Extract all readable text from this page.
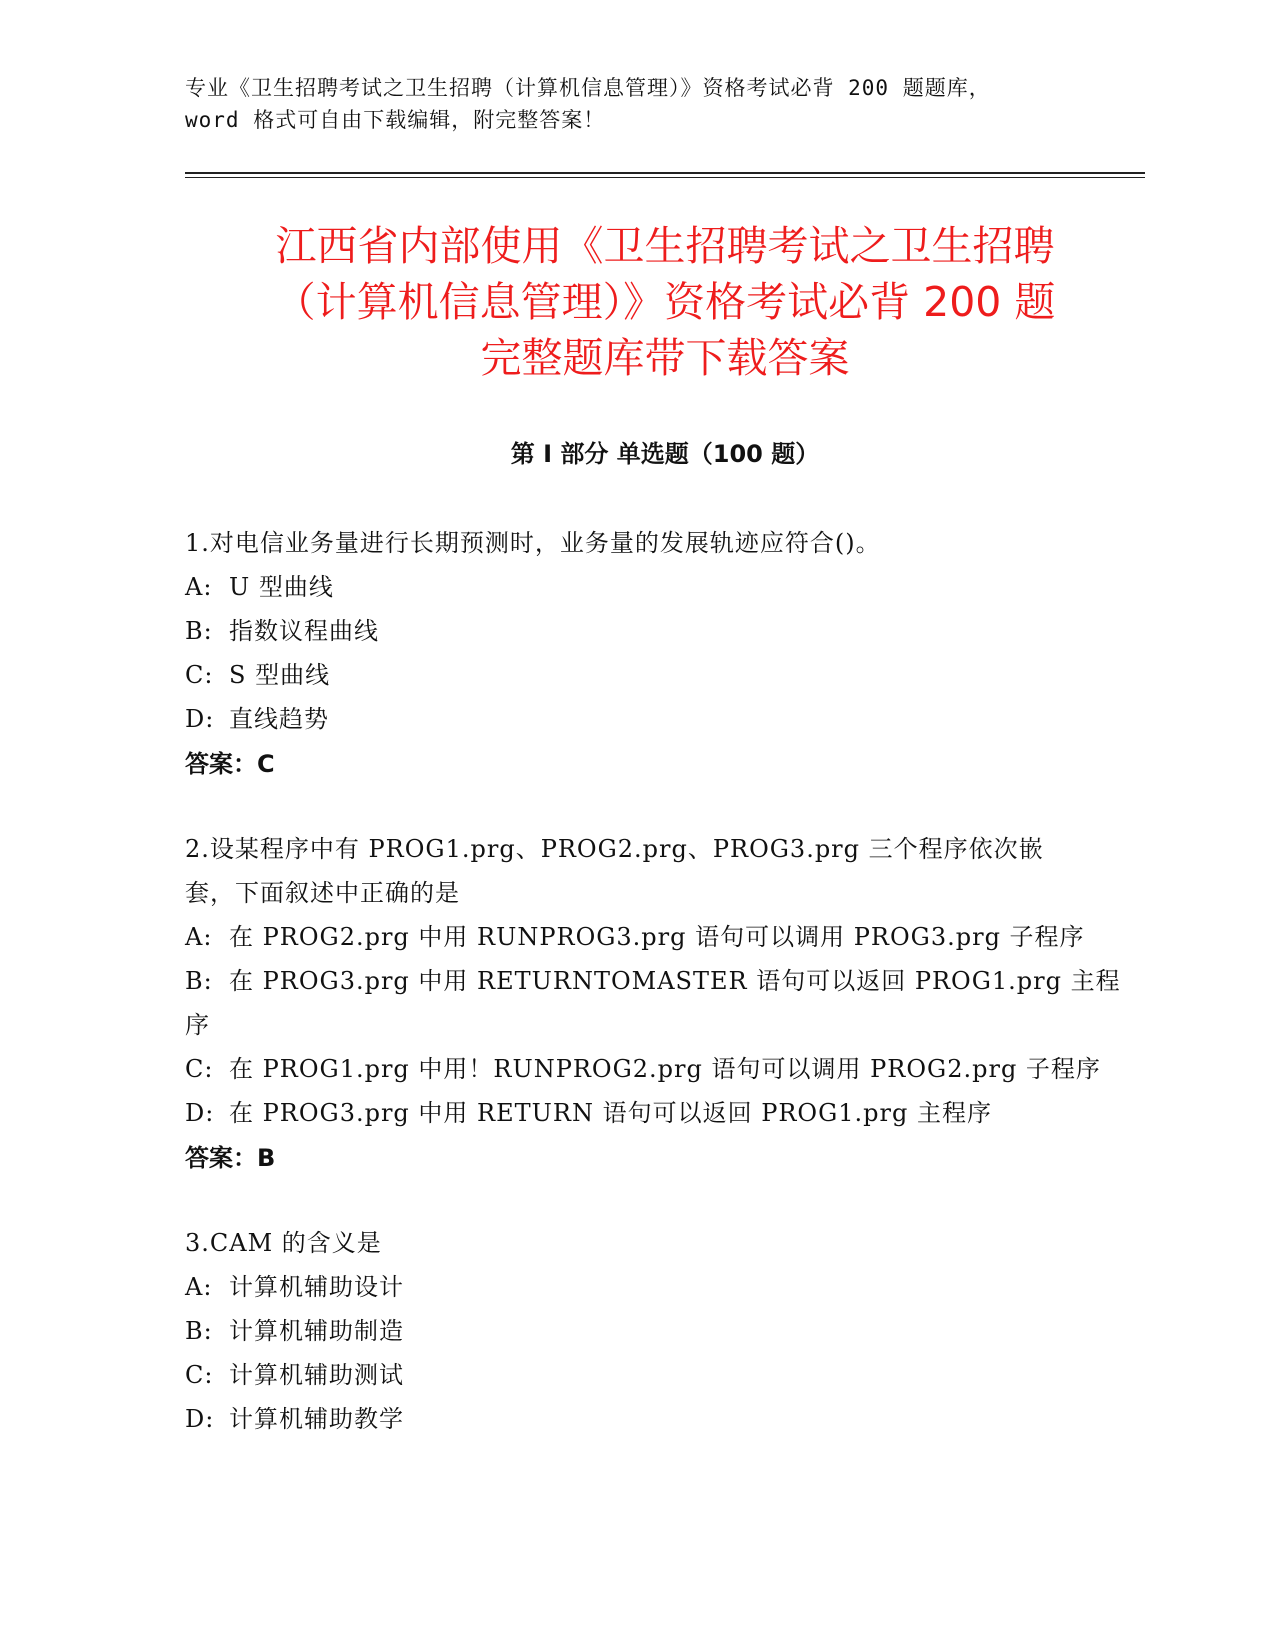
专业《卫生招聘考试之卫生招聘（计算机信息管理）》资格考试必背 200 题题库，
word 格式可自由下载编辑，附完整答案！
江西省内部使用《卫生招聘考试之卫生招聘
（计算机信息管理）》资格考试必背 200 题
完整题库带下载答案
第 I 部分 单选题（100 题）
1.对电信业务量进行长期预测时，业务量的发展轨迹应符合()。
A: U 型曲线
B: 指数议程曲线
C: S 型曲线
D: 直线趋势
答案：C
2.设某程序中有 PROG1.prg、PROG2.prg、PROG3.prg 三个程序依次嵌
套，下面叙述中正确的是
A: 在 PROG2.prg 中用 RUNPROG3.prg 语句可以调用 PROG3.prg 子程序
B: 在 PROG3.prg 中用 RETURNTOMASTER 语句可以返回 PROG1.prg 主程
序
C: 在 PROG1.prg 中用！RUNPROG2.prg 语句可以调用 PROG2.prg 子程序
D: 在 PROG3.prg 中用 RETURN 语句可以返回 PROG1.prg 主程序
答案：B
3.CAM 的含义是
A: 计算机辅助设计
B: 计算机辅助制造
C: 计算机辅助测试
D: 计算机辅助教学
